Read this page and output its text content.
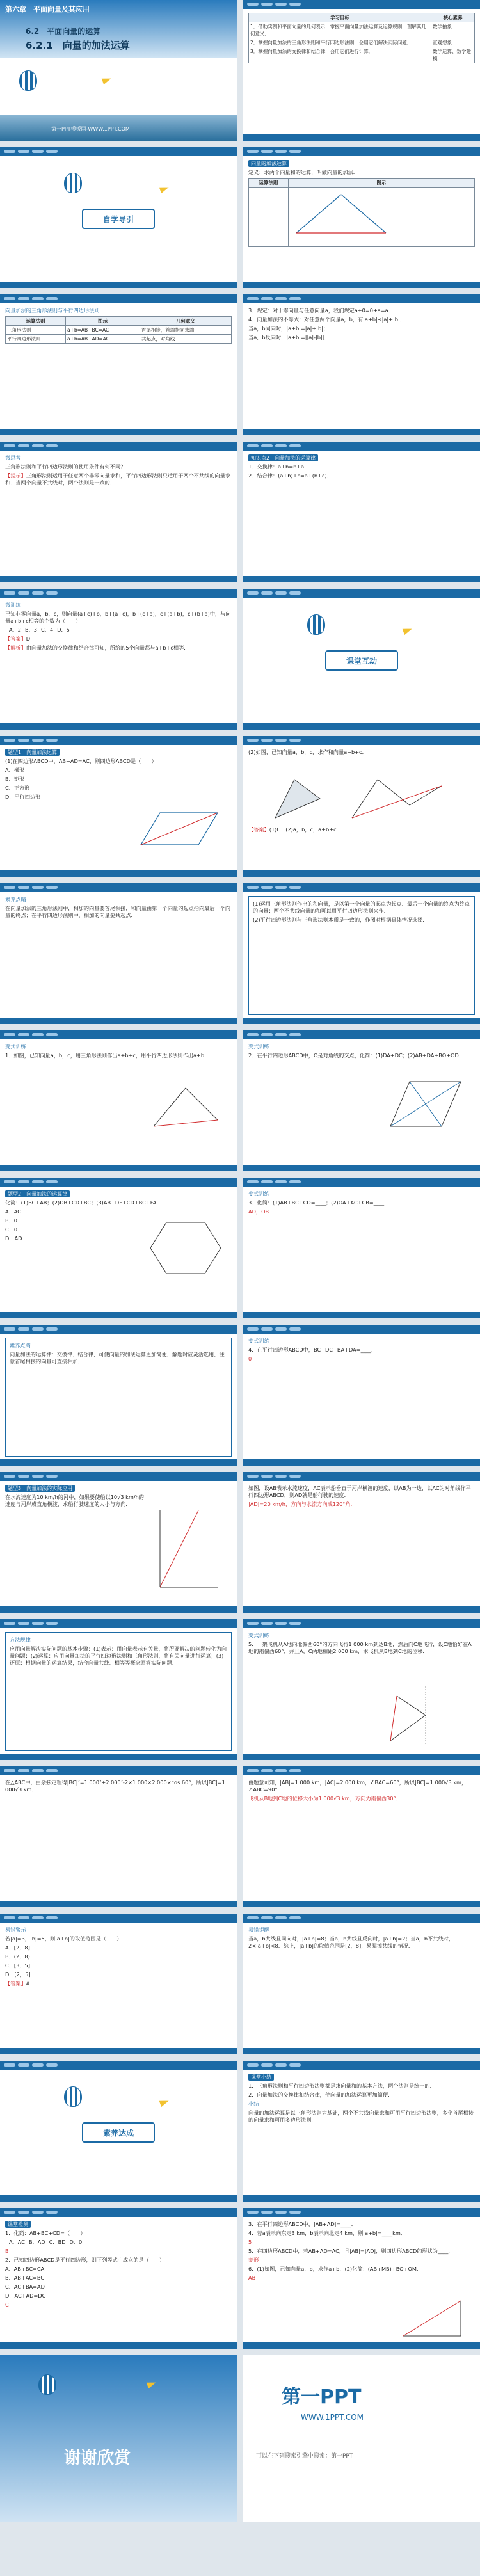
第六章　平面向量及其应用
6.2　平面向量的运算
6.2.1　向量的加法运算
第一PPT模板网-WWW.1PPT.COM
学习目标	核心素养
1．借助实例和平面向量的几何表示，掌握平面向量加法运算及运算规则，理解其几何意义．	数学抽象
2．掌握向量加法的三角形法则和平行四边形法则，会用它们解决实际问题．	直观想象
3．掌握向量加法的交换律和结合律，会用它们进行计算．	数学运算、数学建模
自学导引

向量的加法运算

定义：求两个向量和的运算，叫做向量的加法．

运算法则	图示

向量加法的三角形法则与平行四边形法则

运算法则	图示	几何意义
三角形法则	a+b=AB+BC=AC	首尾相接，首端指向末端
平行四边形法则	a+b=AB+AD=AC	共起点，对角线

3．规定：对于零向量与任意向量a，我们规定a+0=0+a=a．

4．向量加法的不等式：对任意两个向量a，b，有|a+b|≤|a|+|b|．

当a，b同向时，|a+b|=|a|+|b|；

当a，b反向时，|a+b|=||a|-|b||．

微思考

三角形法则和平行四边形法则的使用条件有何不同？

【提示】三角形法则适用于任意两个非零向量求和，平行四边形法则只适用于两个不共线的向量求和．当两个向量不共线时，两个法则是一致的．

知识点2　向量加法的运算律

1．交换律：a+b=b+a．

2．结合律：(a+b)+c=a+(b+c)．

微训练

已知非零向量a，b，c，则向量(a+c)+b，b+(a+c)，b+(c+a)，c+(a+b)，c+(b+a)中，与向量a+b+c相等的个数为（　　）

A．2 B．3 C．4 D．5

【答案】D

【解析】由向量加法的交换律和结合律可知，所给的5个向量都与a+b+c相等．

课堂互动

题型1　向量加法运算

(1)在四边形ABCD中，AB+AD=AC，则四边形ABCD是（　　）

A．梯形

B．矩形

C．正方形

D．平行四边形

(2)如图，已知向量a，b，c，求作和向量a+b+c．

【答案】(1)C　(2)a，b，c，a+b+c

素养点睛

在向量加法的三角形法则中，相加的向量要首尾相接，和向量由第一个向量的起点指向最后一个向量的终点；在平行四边形法则中，相加的向量要共起点．

(1)运用三角形法则作出的和向量，是以第一个向量的起点为起点、最后一个向量的终点为终点的向量；两个不共线向量的和可以用平行四边形法则来作．

(2)平行四边形法则与三角形法则本质是一致的，作图时根据具体情况选择．

变式训练

1．如图，已知向量a，b，c，用三角形法则作出a+b+c，用平行四边形法则作出a+b．

变式训练

2．在平行四边形ABCD中，O是对角线的交点，化简：(1)DA+DC；(2)AB+DA+BO+OD．

题型2　向量加法的运算律

化简：(1)BC+AB；(2)DB+CD+BC；(3)AB+DF+CD+BC+FA．

A．AC

B．0

C．0

D．AD

变式训练

3．化简：(1)AB+BC+CD=____；(2)OA+AC+CB=____．

AD，OB

素养点睛

向量加法的运算律：交换律、结合律，可使向量的加法运算更加简便，解题时应灵活选用，注意首尾相接的向量可直接相加．

变式训练

4．在平行四边形ABCD中，BC+DC+BA+DA=____．

0

题型3　向量加法的实际应用

在水流速度为10 km/h的河中，如果要使船以10√3 km/h的速度与河岸成直角横渡，求船行驶速度的大小与方向．

如图，设AB表示水流速度，AC表示船垂直于河岸横渡的速度，以AB为一边，以AC为对角线作平行四边形ABCD，则AD就是船行驶的速度．

|AD|=20 km/h，方向与水流方向成120°角．

方法规律

应用向量解决实际问题的基本步骤：(1)表示：用向量表示有关量，将所要解决的问题转化为向量问题；(2)运算：应用向量加法的平行四边形法则和三角形法则，将有关向量进行运算；(3)还原：根据向量的运算结果，结合向量共线、相等等概念回答实际问题．

变式训练

5．一架飞机从A地向北偏西60°的方向飞行1 000 km到达B地，然后向C地飞行，设C地恰好在A地的南偏西60°，并且A，C两地相距2 000 km，求飞机从B地到C地的位移．

在△ABC中，由余弦定理得|BC|²=1 000²+2 000²-2×1 000×2 000×cos 60°，所以|BC|=1 000√3 km．

由题意可知，|AB|=1 000 km，|AC|=2 000 km，∠BAC=60°，所以|BC|=1 000√3 km，∠ABC=90°．

飞机从B地到C地的位移大小为1 000√3 km，方向为南偏西30°．

易错警示

若|a|=3，|b|=5，则|a+b|的取值范围是（　　）

A．[2，8]

B．(2，8)

C．[3，5]

D．[2，5]

【答案】A

易错提醒

当a，b共线且同向时，|a+b|=8；当a，b共线且反向时，|a+b|=2；当a，b不共线时，2<|a+b|<8．综上，|a+b|的取值范围是[2，8]，易漏掉共线的情况．

素养达成

课堂小结

1．三角形法则和平行四边形法则都是求向量和的基本方法，两个法则是统一的．

2．向量加法的交换律和结合律，使向量的加法运算更加简便．

小结

向量的加法运算是以三角形法则为基础，两个不共线向量求和可用平行四边形法则，多个首尾相接的向量求和可用多边形法则．

课堂检测

1．化简：AB+BC+CD=（　　）

A．AC B．AD C．BD D．0

B

2．已知四边形ABCD是平行四边形，则下列等式中成立的是（　　）

A．AB+BC=CA

B．AB+AC=BC

C．AC+BA=AD

D．AC+AD=DC

C

3．在平行四边形ABCD中，|AB+AD|=____．

4．若a表示向东走3 km，b表示向北走4 km，则|a+b|=____km．

5

5．在四边形ABCD中，若AB+AD=AC，且|AB|=|AD|，则四边形ABCD的形状为____．

菱形

6．(1)如图，已知向量a，b，求作a+b．(2)化简：(AB+MB)+BO+OM．

AB

谢谢欣赏
第一PPT
WWW.1PPT.COM
可以在下列搜索引擎中搜索：第一PPT
